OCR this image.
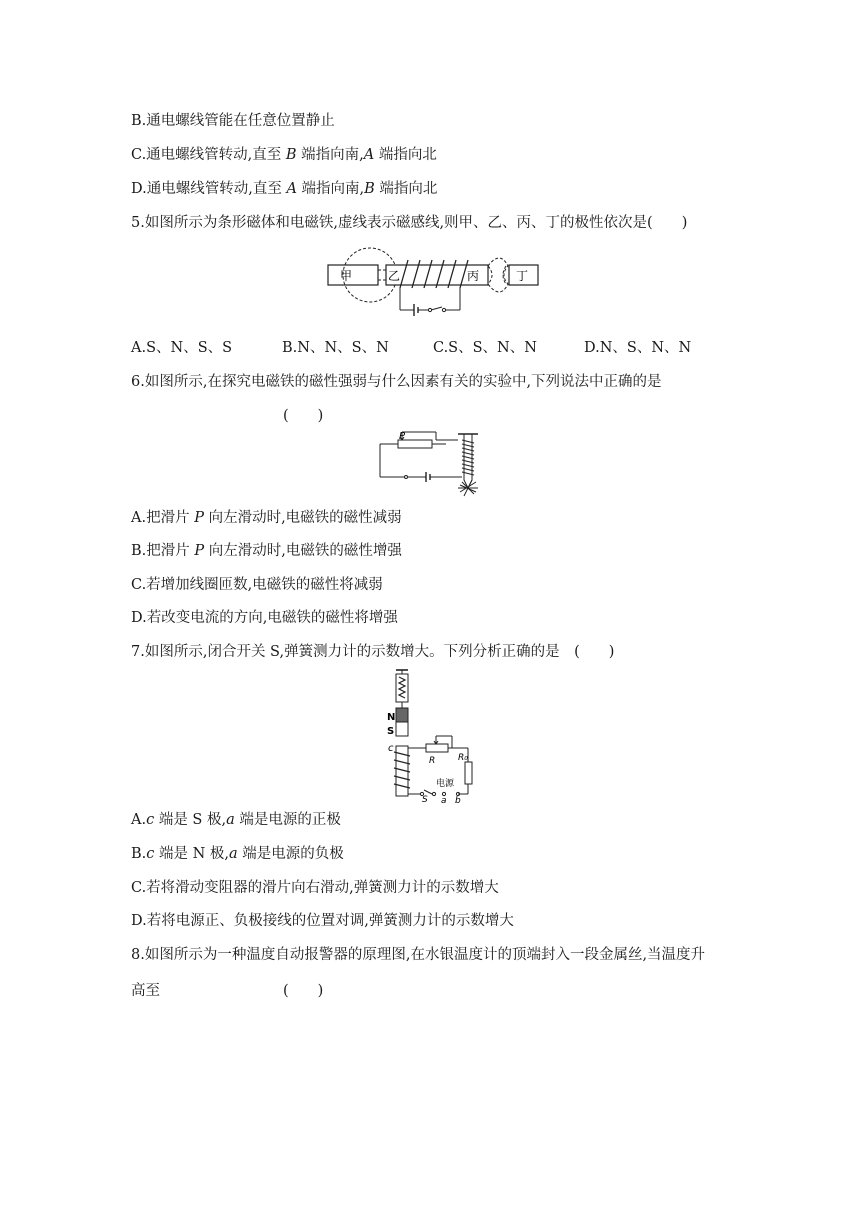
B.通电螺线管能在任意位置静止
C.通电螺线管转动,直至 B 端指向南,A 端指向北
D.通电螺线管转动,直至 A 端指向南,B 端指向北
5.如图所示为条形磁体和电磁铁,虚线表示磁感线,则甲、乙、丙、丁的极性依次是(　　)
甲	乙	丙	丁
A.S、N、S、S	B.N、N、S、N	C.S、S、N、N	D.N、S、N、N
6.如图所示,在探究电磁铁的磁性强弱与什么因素有关的实验中,下列说法中正确的是
(　　)
P
A.把滑片 P 向左滑动时,电磁铁的磁性减弱
B.把滑片 P 向左滑动时,电磁铁的磁性增强
C.若增加线圈匝数,电磁铁的磁性将减弱
D.若改变电流的方向,电磁铁的磁性将增强
7.如图所示,闭合开关 S,弹簧测力计的示数增大。下列分析正确的是　(　　)
N
S
c
R	R₀
电源
S a b
A.c 端是 S 极,a 端是电源的正极
B.c 端是 N 极,a 端是电源的负极
C.若将滑动变阻器的滑片向右滑动,弹簧测力计的示数增大
D.若将电源正、负极接线的位置对调,弹簧测力计的示数增大
8.如图所示为一种温度自动报警器的原理图,在水银温度计的顶端封入一段金属丝,当温度升
高至	(　　)
